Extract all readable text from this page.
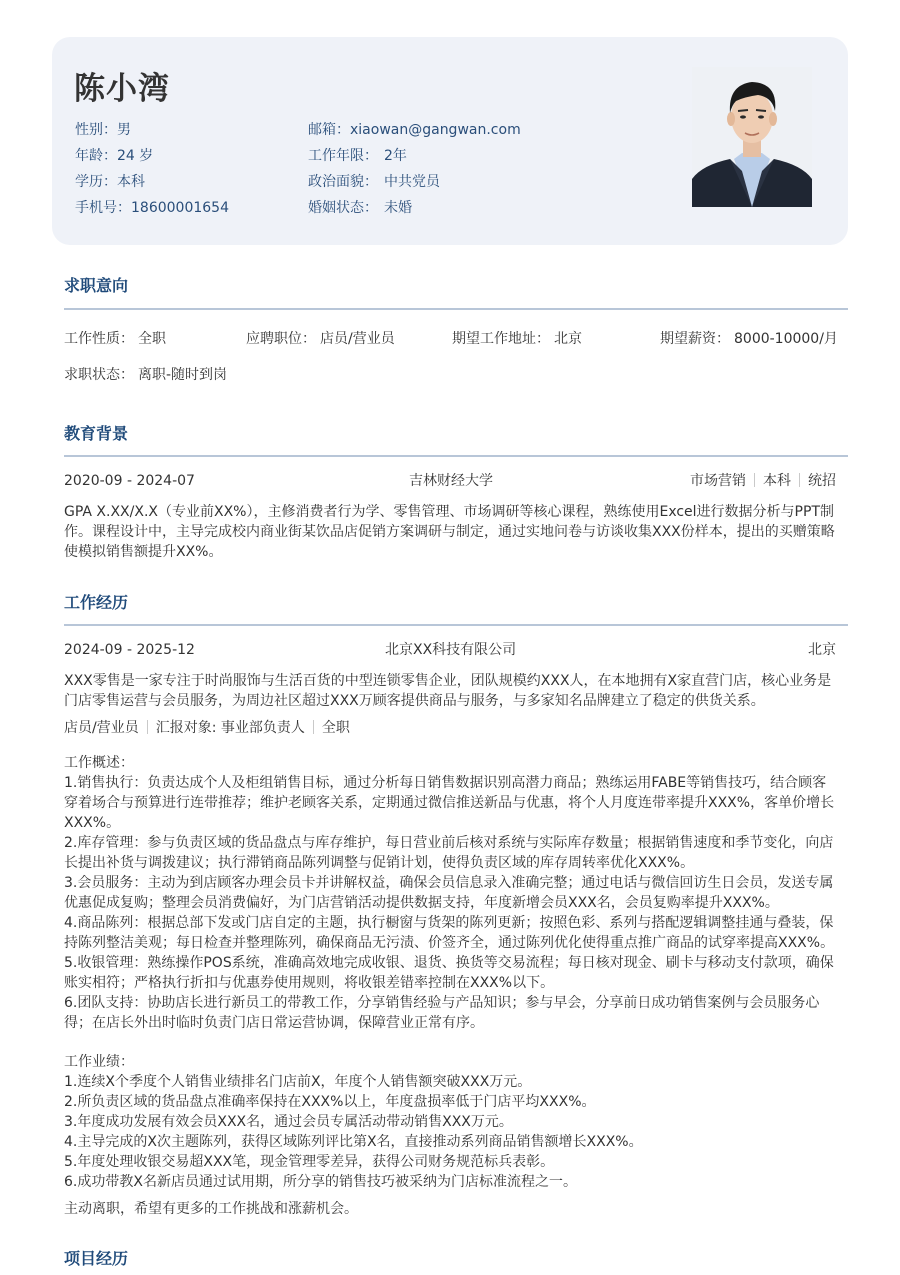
陈小湾
性别：男
年龄：24 岁
学历：本科
手机号：18600001654
邮箱：xiaowan@gangwan.com
工作年限： 2年
政治面貌： 中共党员
婚姻状态： 未婚
求职意向
工作性质： 全职	应聘职位： 店员/营业员	期望工作地址： 北京	期望薪资： 8000-10000/月
求职状态： 离职-随时到岗
教育背景
2020-09 - 2024-07	吉林财经大学	市场营销 本科 统招
GPA X.XX/X.X（专业前XX%），主修消费者行为学、零售管理、市场调研等核心课程，熟练使用Excel进行数据分析与PPT制作。课程设计中，主导完成校内商业街某饮品店促销方案调研与制定，通过实地问卷与访谈收集XXX份样本，提出的买赠策略使模拟销售额提升XX%。
工作经历
2024-09 - 2025-12	北京XX科技有限公司	北京
XXX零售是一家专注于时尚服饰与生活百货的中型连锁零售企业，团队规模约XXX人，在本地拥有X家直营门店，核心业务是门店零售运营与会员服务，为周边社区超过XXX万顾客提供商品与服务，与多家知名品牌建立了稳定的供货关系。
店员/营业员 汇报对象: 事业部负责人 全职
工作概述：
1.销售执行：负责达成个人及柜组销售目标，通过分析每日销售数据识别高潜力商品；熟练运用FABE等销售技巧，结合顾客穿着场合与预算进行连带推荐；维护老顾客关系，定期通过微信推送新品与优惠，将个人月度连带率提升XXX%，客单价增长XXX%。
2.库存管理：参与负责区域的货品盘点与库存维护，每日营业前后核对系统与实际库存数量；根据销售速度和季节变化，向店长提出补货与调拨建议；执行滞销商品陈列调整与促销计划，使得负责区域的库存周转率优化XXX%。
3.会员服务：主动为到店顾客办理会员卡并讲解权益，确保会员信息录入准确完整；通过电话与微信回访生日会员，发送专属优惠促成复购；整理会员消费偏好，为门店营销活动提供数据支持，年度新增会员XXX名，会员复购率提升XXX%。
4.商品陈列：根据总部下发或门店自定的主题，执行橱窗与货架的陈列更新；按照色彩、系列与搭配逻辑调整挂通与叠装，保持陈列整洁美观；每日检查并整理陈列，确保商品无污渍、价签齐全，通过陈列优化使得重点推广商品的试穿率提高XXX%。
5.收银管理：熟练操作POS系统，准确高效地完成收银、退货、换货等交易流程；每日核对现金、刷卡与移动支付款项，确保账实相符；严格执行折扣与优惠券使用规则，将收银差错率控制在XXX%以下。
6.团队支持：协助店长进行新员工的带教工作，分享销售经验与产品知识；参与早会，分享前日成功销售案例与会员服务心得；在店长外出时临时负责门店日常运营协调，保障营业正常有序。
工作业绩：
1.连续X个季度个人销售业绩排名门店前X，年度个人销售额突破XXX万元。
2.所负责区域的货品盘点准确率保持在XXX%以上，年度盘损率低于门店平均XXX%。
3.年度成功发展有效会员XXX名，通过会员专属活动带动销售XXX万元。
4.主导完成的X次主题陈列，获得区域陈列评比第X名，直接推动系列商品销售额增长XXX%。
5.年度处理收银交易超XXX笔，现金管理零差异，获得公司财务规范标兵表彰。
6.成功带教X名新店员通过试用期，所分享的销售技巧被采纳为门店标准流程之一。
主动离职，希望有更多的工作挑战和涨薪机会。
项目经历
